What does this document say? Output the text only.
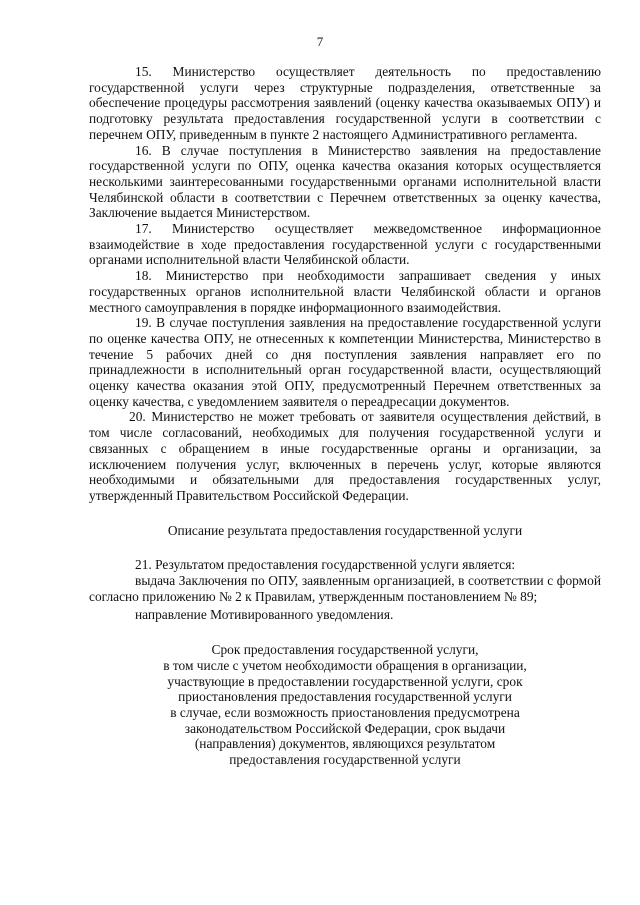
7

15. Министерство осуществляет деятельность по предоставлению государственной услуги через структурные подразделения, ответственные за обеспечение процедуры рассмотрения заявлений (оценку качества оказываемых ОПУ) и подготовку результата предоставления государственной услуги в соответствии с перечнем ОПУ, приведенным в пункте 2 настоящего Административного регламента.

16. В случае поступления в Министерство заявления на предоставление государственной услуги по ОПУ, оценка качества оказания которых осуществляется несколькими заинтересованными государственными органами исполнительной власти Челябинской области в соответствии с Перечнем ответственных за оценку качества, Заключение выдается Министерством.

17. Министерство осуществляет межведомственное информационное взаимодействие в ходе предоставления государственной услуги с государственными органами исполнительной власти Челябинской области.

18. Министерство при необходимости запрашивает сведения у иных государственных органов исполнительной власти Челябинской области и органов местного самоуправления в порядке информационного взаимодействия.

19. В случае поступления заявления на предоставление государственной услуги по оценке качества ОПУ, не отнесенных к компетенции Министерства, Министерство в течение 5 рабочих дней со дня поступления заявления направляет его по принадлежности в исполнительный орган государственной власти, осуществляющий оценку качества оказания этой ОПУ, предусмотренный Перечнем ответственных за оценку качества, с уведомлением заявителя о переадресации документов.

20. Министерство не может требовать от заявителя осуществления действий, в том числе согласований, необходимых для получения государственной услуги и связанных с обращением в иные государственные органы и организации, за исключением получения услуг, включенных в перечень услуг, которые являются необходимыми и обязательными для предоставления государственных услуг, утвержденный Правительством Российской Федерации.

Описание результата предоставления государственной услуги

21. Результатом предоставления государственной услуги является:

выдача Заключения по ОПУ, заявленным организацией, в соответствии с формой согласно приложению № 2 к Правилам, утвержденным постановлением № 89;

направление Мотивированного уведомления.

Срок предоставления государственной услуги,
в том числе с учетом необходимости обращения в организации,
участвующие в предоставлении государственной услуги, срок
приостановления предоставления государственной услуги
в случае, если возможность приостановления предусмотрена
законодательством Российской Федерации, срок выдачи
(направления) документов, являющихся результатом
предоставления государственной услуги
